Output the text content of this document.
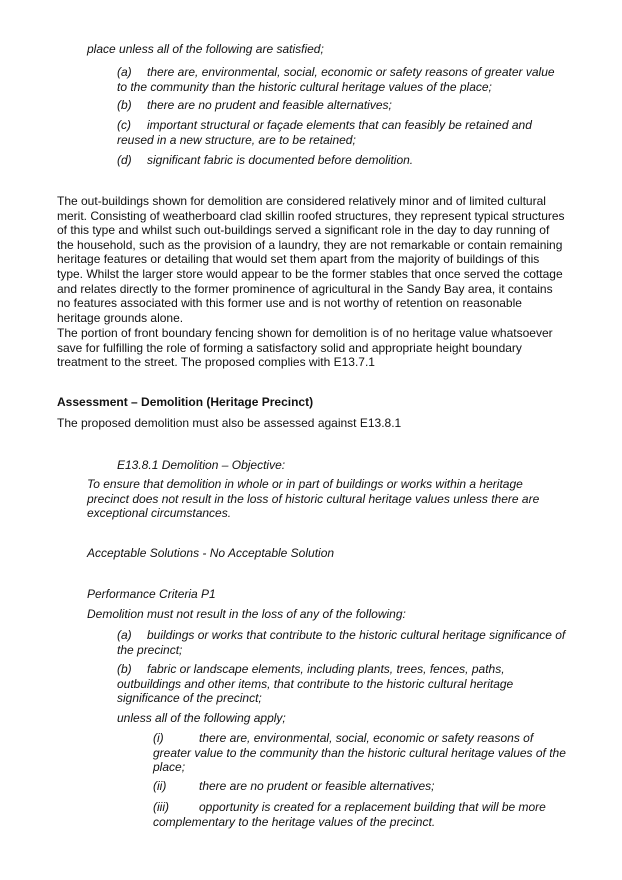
place unless all of the following are satisfied;
(a) there are, environmental, social, economic or safety reasons of greater value to the community than the historic cultural heritage values of the place;
(b) there are no prudent and feasible alternatives;
(c) important structural or façade elements that can feasibly be retained and reused in a new structure, are to be retained;
(d) significant fabric is documented before demolition.
The out-buildings shown for demolition are considered relatively minor and of limited cultural merit. Consisting of weatherboard clad skillin roofed structures, they represent typical structures of this type and whilst such out-buildings served a significant role in the day to day running of the household, such as the provision of a laundry, they are not remarkable or contain remaining heritage features or detailing that would set them apart from the majority of buildings of this type. Whilst the larger store would appear to be the former stables that once served the cottage and relates directly to the former prominence of agricultural in the Sandy Bay area, it contains no features associated with this former use and is not worthy of retention on reasonable heritage grounds alone.
The portion of front boundary fencing shown for demolition is of no heritage value whatsoever save for fulfilling the role of forming a satisfactory solid and appropriate height boundary treatment to the street. The proposed complies with E13.7.1
Assessment – Demolition (Heritage Precinct)
The proposed demolition must also be assessed against E13.8.1
E13.8.1 Demolition – Objective:
To ensure that demolition in whole or in part of buildings or works within a heritage precinct does not result in the loss of historic cultural heritage values unless there are exceptional circumstances.
Acceptable Solutions - No Acceptable Solution
Performance Criteria P1
Demolition must not result in the loss of any of the following:
(a) buildings or works that contribute to the historic cultural heritage significance of the precinct;
(b) fabric or landscape elements, including plants, trees, fences, paths, outbuildings and other items, that contribute to the historic cultural heritage significance of the precinct;
unless all of the following apply;
(i)	there are, environmental, social, economic or safety reasons of greater value to the community than the historic cultural heritage values of the place;
(ii)	there are no prudent or feasible alternatives;
(iii)	opportunity is created for a replacement building that will be more complementary to the heritage values of the precinct.
